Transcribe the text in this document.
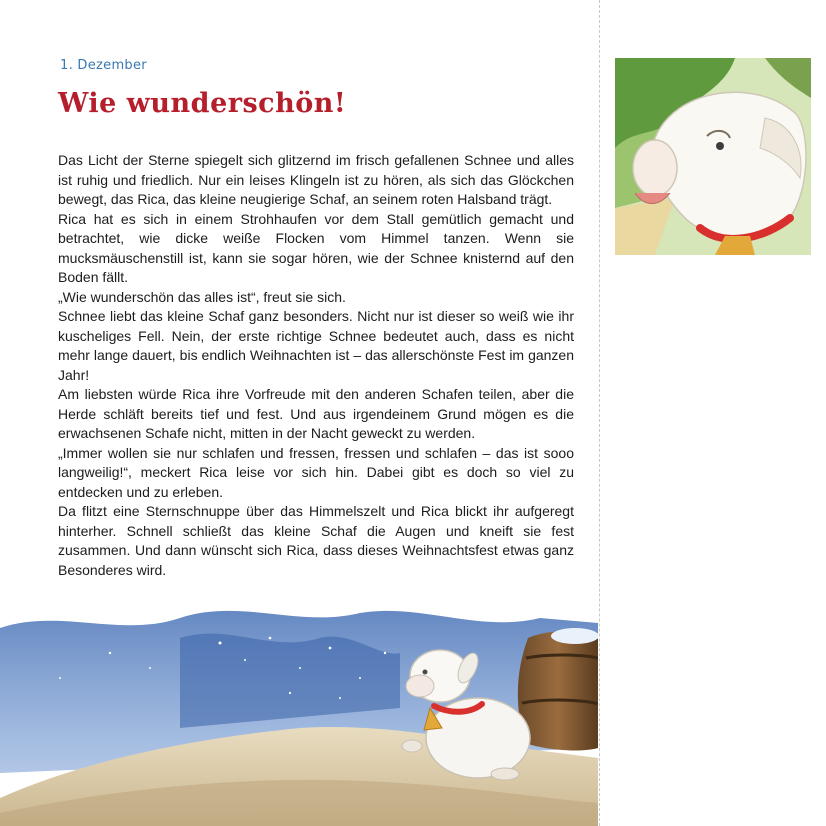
1. Dezember
Wie wunderschön!

Das Licht der Sterne spiegelt sich glitzernd im frisch gefallenen Schnee und alles ist ruhig und friedlich. Nur ein leises Klingeln ist zu hören, als sich das Glöckchen bewegt, das Rica, das kleine neugierige Schaf, an seinem roten Halsband trägt.

Rica hat es sich in einem Strohhaufen vor dem Stall gemütlich gemacht und betrachtet, wie dicke weiße Flocken vom Himmel tanzen. Wenn sie mucksmäuschenstill ist, kann sie sogar hören, wie der Schnee knisternd auf den Boden fällt.

„Wie wunderschön das alles ist“, freut sie sich.

Schnee liebt das kleine Schaf ganz besonders. Nicht nur ist dieser so weiß wie ihr kuscheliges Fell. Nein, der erste richtige Schnee bedeutet auch, dass es nicht mehr lange dauert, bis endlich Weihnachten ist – das allerschönste Fest im ganzen Jahr!

Am liebsten würde Rica ihre Vorfreude mit den anderen Schafen teilen, aber die Herde schläft bereits tief und fest. Und aus irgendeinem Grund mögen es die erwachsenen Schafe nicht, mitten in der Nacht geweckt zu werden.

„Immer wollen sie nur schlafen und fressen, fressen und schlafen – das ist sooo langweilig!“, meckert Rica leise vor sich hin. Dabei gibt es doch so viel zu entdecken und zu erleben.

Da flitzt eine Sternschnuppe über das Himmelszelt und Rica blickt ihr aufgeregt hinterher. Schnell schließt das kleine Schaf die Augen und kneift sie fest zusammen. Und dann wünscht sich Rica, dass dieses Weihnachtsfest etwas ganz Besonderes wird.
